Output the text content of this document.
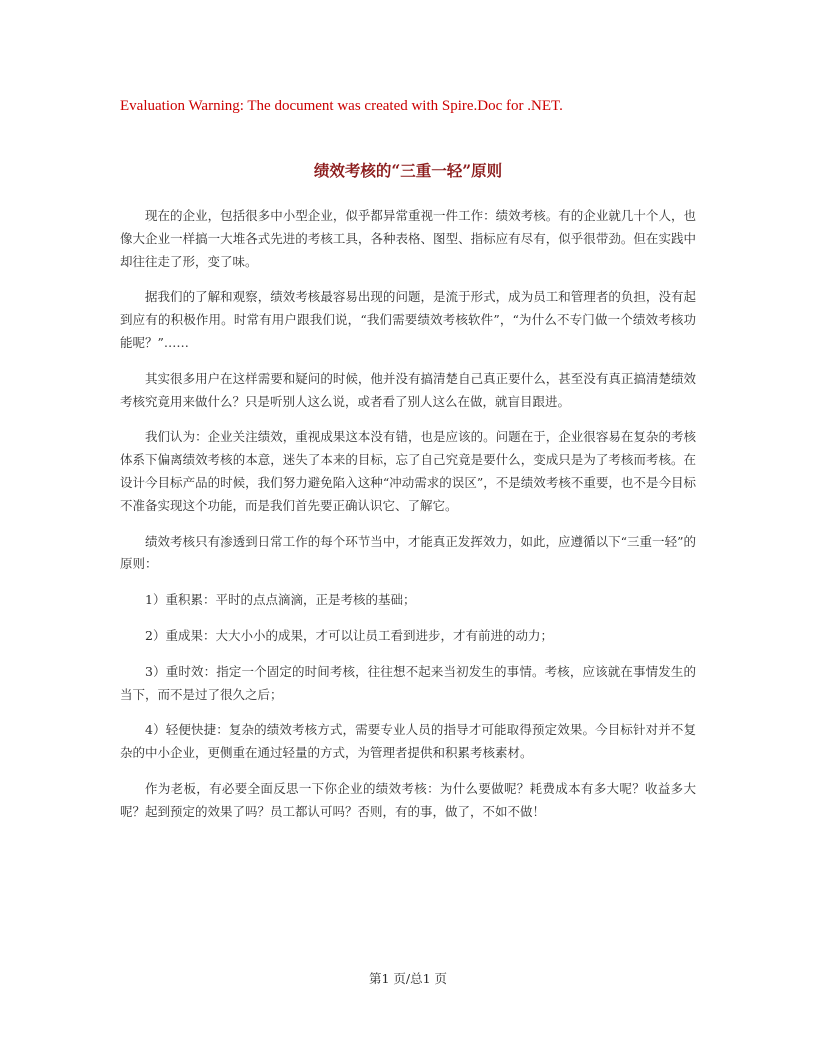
Evaluation Warning: The document was created with Spire.Doc for .NET.
绩效考核的“三重一轻”原则

现在的企业，包括很多中小型企业，似乎都异常重视一件工作：绩效考核。有的企业就几十个人，也像大企业一样搞一大堆各式先进的考核工具，各种表格、图型、指标应有尽有，似乎很带劲。但在实践中却往往走了形，变了味。

据我们的了解和观察，绩效考核最容易出现的问题，是流于形式，成为员工和管理者的负担，没有起到应有的积极作用。时常有用户跟我们说，“我们需要绩效考核软件”，“为什么不专门做一个绩效考核功能呢？”……

其实很多用户在这样需要和疑问的时候，他并没有搞清楚自己真正要什么，甚至没有真正搞清楚绩效考核究竟用来做什么？只是听别人这么说，或者看了别人这么在做，就盲目跟进。

我们认为：企业关注绩效，重视成果这本没有错，也是应该的。问题在于，企业很容易在复杂的考核体系下偏离绩效考核的本意，迷失了本来的目标，忘了自己究竟是要什么，变成只是为了考核而考核。在设计今目标产品的时候，我们努力避免陷入这种“冲动需求的误区”，不是绩效考核不重要，也不是今目标不准备实现这个功能，而是我们首先要正确认识它、了解它。

绩效考核只有渗透到日常工作的每个环节当中，才能真正发挥效力，如此，应遵循以下“三重一轻”的原则：

1）重积累：平时的点点滴滴，正是考核的基础；

2）重成果：大大小小的成果，才可以让员工看到进步，才有前进的动力；

3）重时效：指定一个固定的时间考核，往往想不起来当初发生的事情。考核，应该就在事情发生的当下，而不是过了很久之后；

4）轻便快捷：复杂的绩效考核方式，需要专业人员的指导才可能取得预定效果。今目标针对并不复杂的中小企业，更侧重在通过轻量的方式，为管理者提供和积累考核素材。

作为老板，有必要全面反思一下你企业的绩效考核：为什么要做呢？耗费成本有多大呢？收益多大呢？起到预定的效果了吗？员工都认可吗？否则，有的事，做了，不如不做！

第1 页/总1 页
